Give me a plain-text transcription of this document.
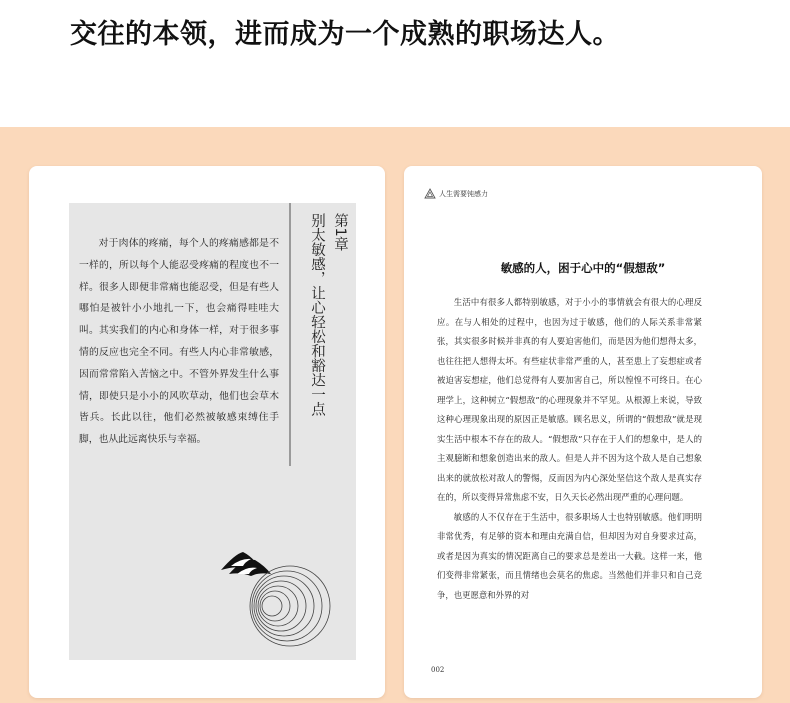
交往的本领，进而成为一个成熟的职场达人。

对于肉体的疼痛，每个人的疼痛感都是不一样的，所以每个人能忍受疼痛的程度也不一样。很多人即便非常痛也能忍受，但是有些人哪怕是被针小小地扎一下，也会痛得哇哇大叫。其实我们的内心和身体一样，对于很多事情的反应也完全不同。有些人内心非常敏感，因而常常陷入苦恼之中。不管外界发生什么事情，即使只是小小的风吹草动，他们也会草木皆兵。长此以往，他们必然被敏感束缚住手脚，也从此远离快乐与幸福。

第1章
别太敏感，让心轻松和豁达一点
人生需要钝感力
敏感的人，困于心中的“假想敌”

生活中有很多人都特别敏感，对于小小的事情就会有很大的心理反应。在与人相处的过程中，也因为过于敏感，他们的人际关系非常紧张，其实很多时候并非真的有人要迫害他们，而是因为他们想得太多，也往往把人想得太坏。有些症状非常严重的人，甚至患上了妄想症或者被迫害妄想症，他们总觉得有人要加害自己，所以惶惶不可终日。在心理学上，这种树立“假想敌”的心理现象并不罕见。从根源上来说，导致这种心理现象出现的原因正是敏感。顾名思义，所谓的“假想敌”就是现实生活中根本不存在的敌人。“假想敌”只存在于人们的想象中，是人的主观臆断和想象创造出来的敌人。但是人并不因为这个敌人是自己想象出来的就放松对敌人的警惕，反而因为内心深处坚信这个敌人是真实存在的，所以变得异常焦虑不安，日久天长必然出现严重的心理问题。

敏感的人不仅存在于生活中，很多职场人士也特别敏感。他们明明非常优秀，有足够的资本和理由充满自信，但却因为对自身要求过高，或者是因为真实的情况距离自己的要求总是差出一大截。这样一来，他们变得非常紧张，而且情绪也会莫名的焦虑。当然他们并非只和自己竞争，也更愿意和外界的对

002
